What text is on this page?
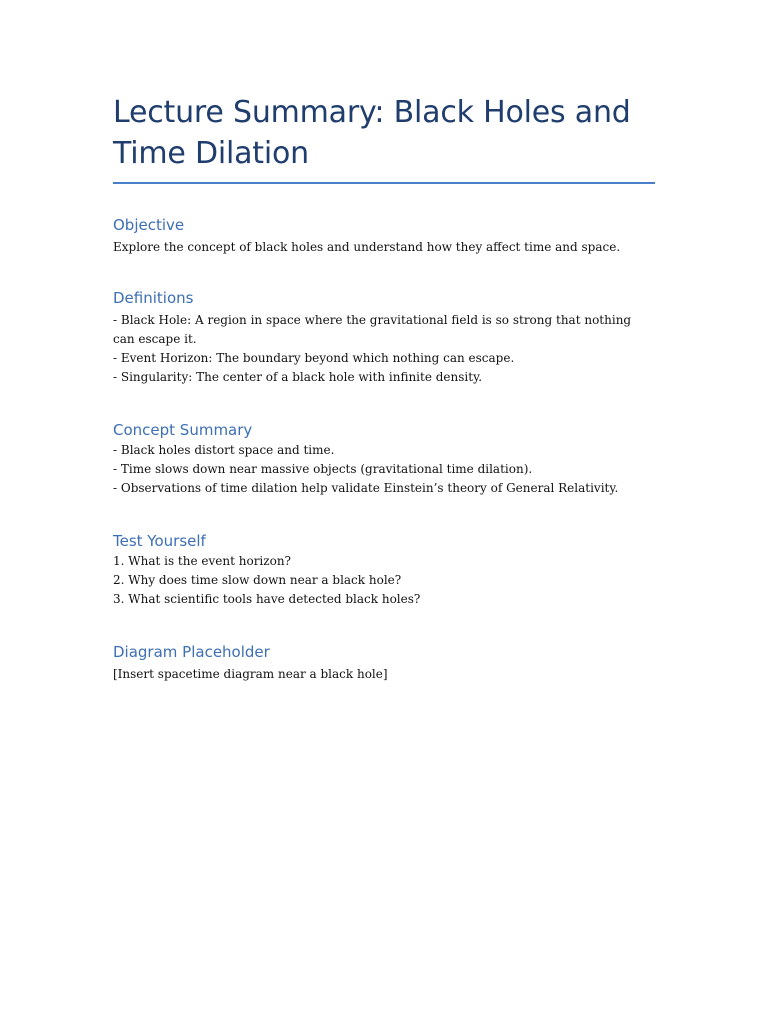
Lecture Summary: Black Holes and Time Dilation
Objective

Explore the concept of black holes and understand how they affect time and space.

Definitions

- Black Hole: A region in space where the gravitational field is so strong that nothing can escape it.
- Event Horizon: The boundary beyond which nothing can escape.
- Singularity: The center of a black hole with infinite density.

Concept Summary

- Black holes distort space and time.
- Time slows down near massive objects (gravitational time dilation).
- Observations of time dilation help validate Einstein’s theory of General Relativity.

Test Yourself

1. What is the event horizon?
2. Why does time slow down near a black hole?
3. What scientific tools have detected black holes?

Diagram Placeholder

[Insert spacetime diagram near a black hole]
